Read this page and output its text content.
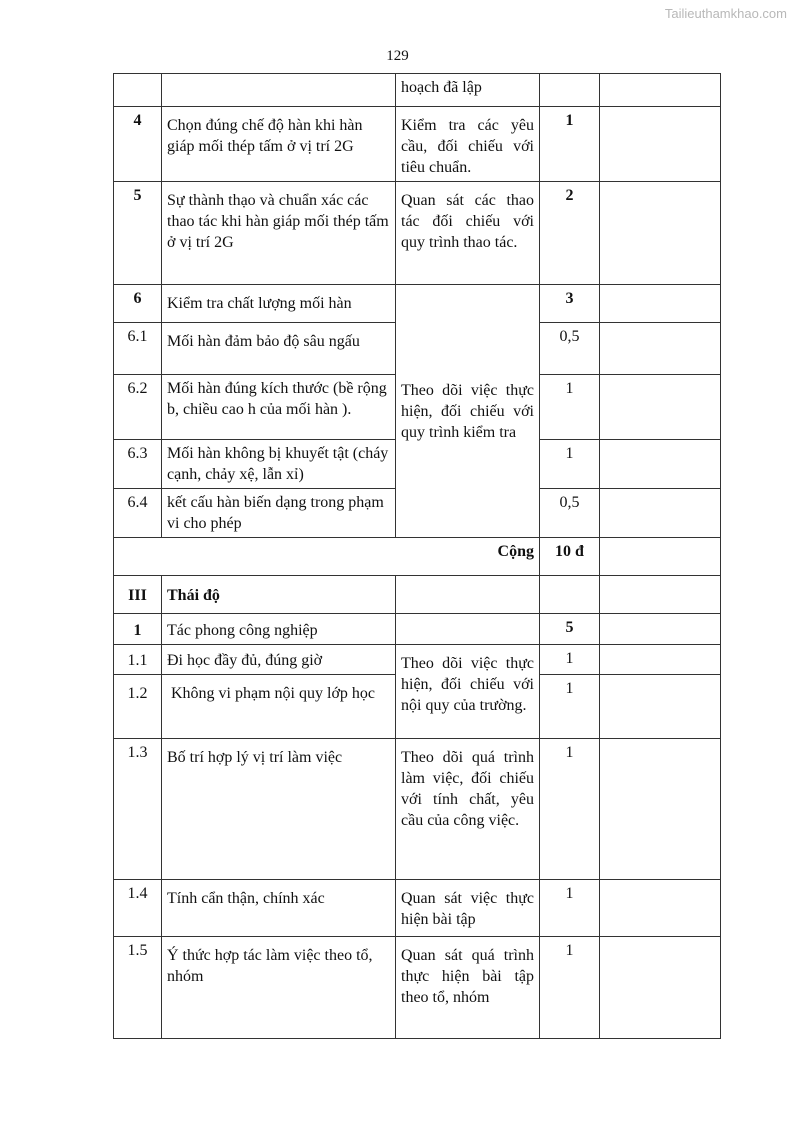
Tailieuthamkhao.com
129
		hoạch đã lập		
4	Chọn đúng chế độ hàn khi hàn giáp mối thép tấm ở vị trí 2G	Kiểm tra các yêu cầu, đối chiếu với tiêu chuẩn.	1	
5	Sự thành thạo và chuẩn xác các thao tác khi hàn giáp mối thép tấm ở vị trí 2G	Quan sát các thao tác đối chiếu với quy trình thao tác.	2	
6	Kiểm tra chất lượng mối hàn	Theo dõi việc thực hiện, đối chiếu với quy trình kiểm tra	3	
6.1	Mối hàn đảm bảo độ sâu ngấu		0,5	
6.2	Mối hàn đúng kích thước (bề rộng b, chiều cao h của mối hàn ).		1	
6.3	Mối hàn không bị khuyết tật (cháy cạnh, chảy xệ, lẫn xỉ)		1	
6.4	kết cấu hàn biến dạng trong phạm vi cho phép		0,5	
Cộng			10 đ	
III	Thái độ			
1	Tác phong công nghiệp		5	
1.1	Đi học đầy đủ, đúng giờ	Theo dõi việc thực hiện, đối chiếu với nội quy của trường.	1	
1.2	Không vi phạm nội quy lớp học		1	
1.3	Bố trí hợp lý vị trí làm việc	Theo dõi quá trình làm việc, đối chiếu với tính chất, yêu cầu của công việc.	1	
1.4	Tính cẩn thận, chính xác	Quan sát việc thực hiện bài tập	1	
1.5	Ý thức hợp tác làm việc theo tổ, nhóm	Quan sát quá trình thực hiện bài tập theo tổ, nhóm	1	
